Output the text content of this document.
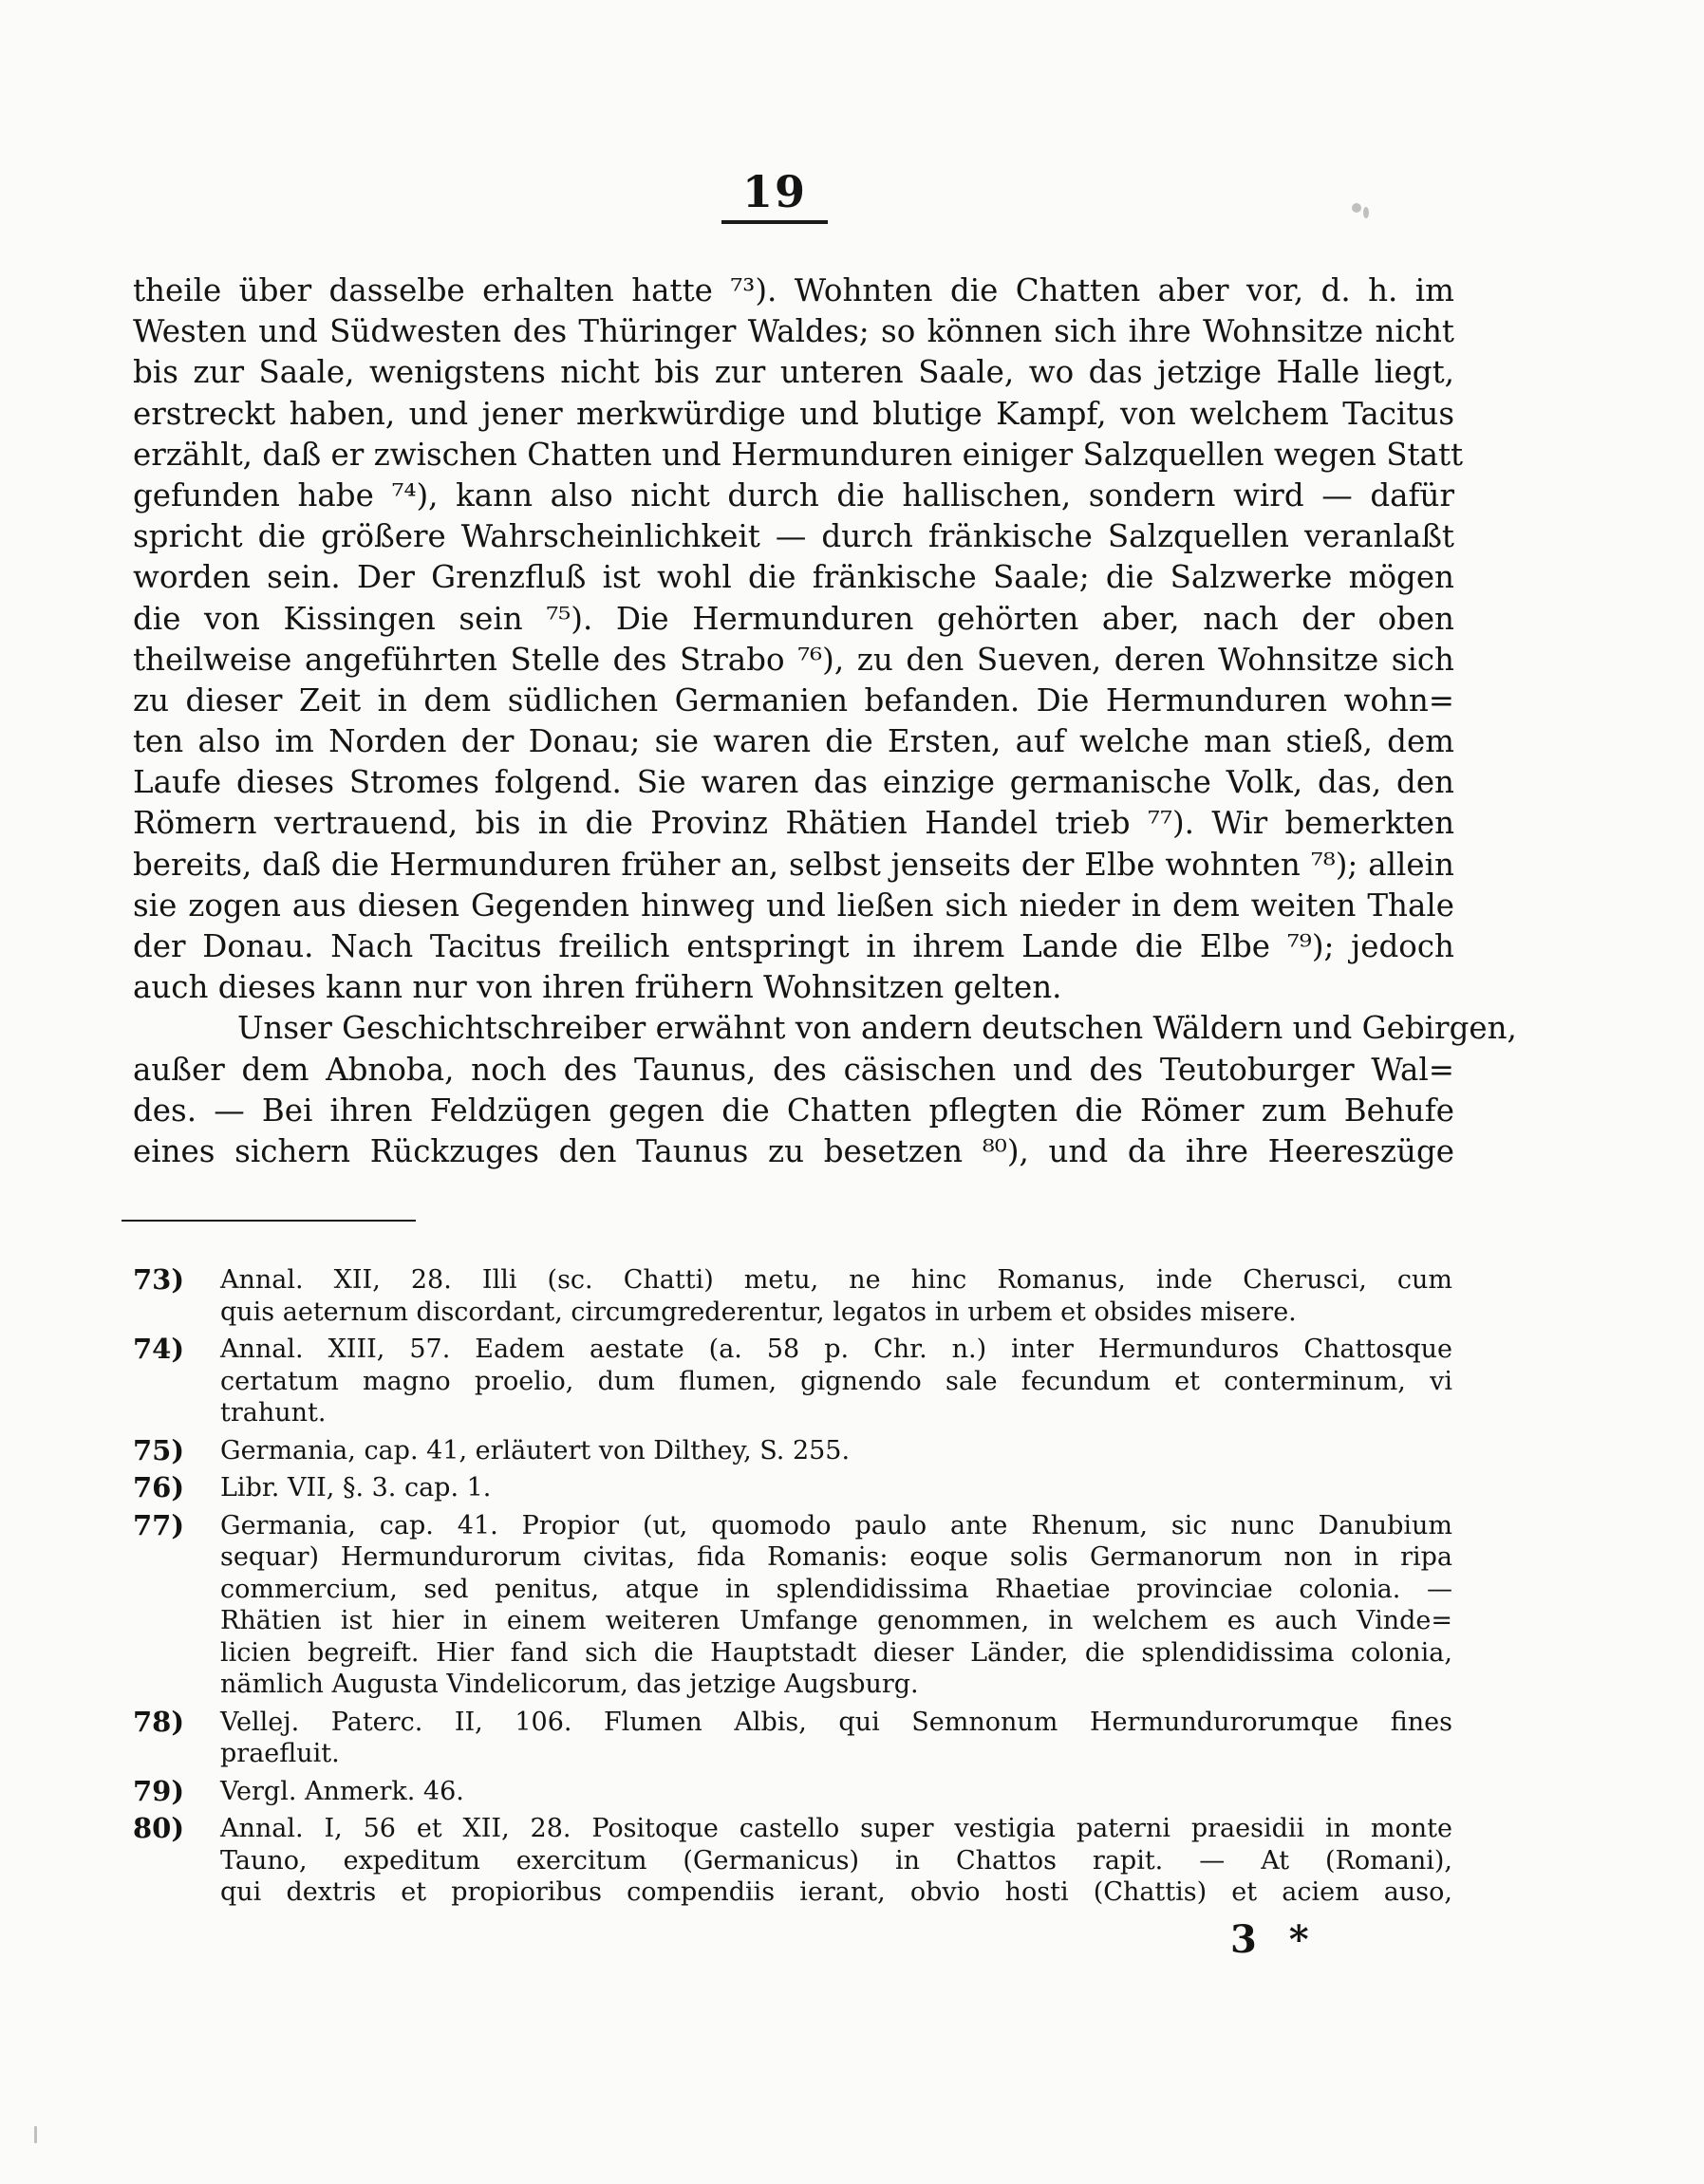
19
theile über dasselbe erhalten hatte ⁷³). Wohnten die Chatten aber vor, d. h. im
Westen und Südwesten des Thüringer Waldes; so können sich ihre Wohnsitze nicht
bis zur Saale, wenigstens nicht bis zur unteren Saale, wo das jetzige Halle liegt,
erstreckt haben, und jener merkwürdige und blutige Kampf, von welchem Tacitus
erzählt, daß er zwischen Chatten und Hermunduren einiger Salzquellen wegen Statt
gefunden habe ⁷⁴), kann also nicht durch die hallischen, sondern wird — dafür
spricht die größere Wahrscheinlichkeit — durch fränkische Salzquellen veranlaßt
worden sein. Der Grenzfluß ist wohl die fränkische Saale; die Salzwerke mögen
die von Kissingen sein ⁷⁵). Die Hermunduren gehörten aber, nach der oben
theilweise angeführten Stelle des Strabo ⁷⁶), zu den Sueven, deren Wohnsitze sich
zu dieser Zeit in dem südlichen Germanien befanden. Die Hermunduren wohn=
ten also im Norden der Donau; sie waren die Ersten, auf welche man stieß, dem
Laufe dieses Stromes folgend. Sie waren das einzige germanische Volk, das, den
Römern vertrauend, bis in die Provinz Rhätien Handel trieb ⁷⁷). Wir bemerkten
bereits, daß die Hermunduren früher an, selbst jenseits der Elbe wohnten ⁷⁸); allein
sie zogen aus diesen Gegenden hinweg und ließen sich nieder in dem weiten Thale
der Donau. Nach Tacitus freilich entspringt in ihrem Lande die Elbe ⁷⁹); jedoch
auch dieses kann nur von ihren frühern Wohnsitzen gelten.
Unser Geschichtschreiber erwähnt von andern deutschen Wäldern und Gebirgen,
außer dem Abnoba, noch des Taunus, des cäsischen und des Teutoburger Wal=
des. — Bei ihren Feldzügen gegen die Chatten pflegten die Römer zum Behufe
eines sichern Rückzuges den Taunus zu besetzen ⁸⁰), und da ihre Heereszüge
73)	Annal. XII, 28. Illi (sc. Chatti) metu, ne hinc Romanus, inde Cherusci, cum
quis aeternum discordant, circumgrederentur, legatos in urbem et obsides misere.
74)	Annal. XIII, 57. Eadem aestate (a. 58 p. Chr. n.) inter Hermunduros Chattosque
certatum magno proelio, dum flumen, gignendo sale fecundum et conterminum, vi
trahunt.
75)	Germania, cap. 41, erläutert von Dilthey, S. 255.
76)	Libr. VII, §. 3. cap. 1.
77)	Germania, cap. 41. Propior (ut, quomodo paulo ante Rhenum, sic nunc Danubium
sequar) Hermundurorum civitas, fida Romanis: eoque solis Germanorum non in ripa
commercium, sed penitus, atque in splendidissima Rhaetiae provinciae colonia. —
Rhätien ist hier in einem weiteren Umfange genommen, in welchem es auch Vinde=
licien begreift. Hier fand sich die Hauptstadt dieser Länder, die splendidissima colonia,
nämlich Augusta Vindelicorum, das jetzige Augsburg.
78)	Vellej. Paterc. II, 106. Flumen Albis, qui Semnonum Hermundurorumque fines
praefluit.
79)	Vergl. Anmerk. 46.
80)	Annal. I, 56 et XII, 28. Positoque castello super vestigia paterni praesidii in monte
Tauno, expeditum exercitum (Germanicus) in Chattos rapit. — At (Romani),
qui dextris et propioribus compendiis ierant, obvio hosti (Chattis) et aciem auso,
3 *
